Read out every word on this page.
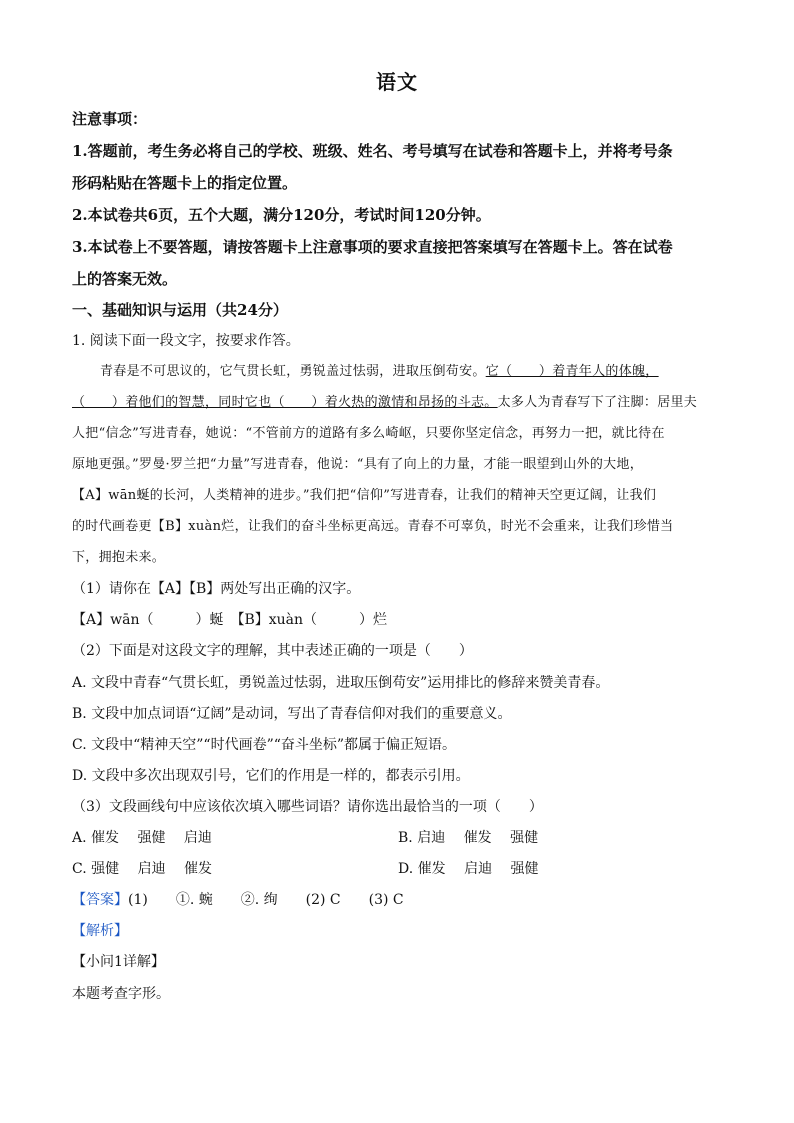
语文
注意事项：
1.答题前，考生务必将自己的学校、班级、姓名、考号填写在试卷和答题卡上，并将考号条
形码粘贴在答题卡上的指定位置。
2.本试卷共6页，五个大题，满分120分，考试时间120分钟。
3.本试卷上不要答题，请按答题卡上注意事项的要求直接把答案填写在答题卡上。答在试卷
上的答案无效。
一、基础知识与运用（共24分）
1. 阅读下面一段文字，按要求作答。
青春是不可思议的，它气贯长虹，勇锐盖过怯弱，进取压倒苟安。它（　　）着青年人的体魄，
（　　）着他们的智慧，同时它也（　　）着火热的激情和昂扬的斗志。太多人为青春写下了注脚：居里夫
人把“信念”写进青春，她说：“不管前方的道路有多么崎岖，只要你坚定信念，再努力一把，就比待在
原地更强。”罗曼·罗兰把“力量”写进青春，他说：“具有了向上的力量，才能一眼望到山外的大地，
【A】wān蜒的长河，人类精神的进步。”我们把“信仰”写进青春，让我们的精神天空更辽阔，让我们
的时代画卷更【B】xuàn烂，让我们的奋斗坐标更高远。青春不可辜负，时光不会重来，让我们珍惜当
下，拥抱未来。
（1）请你在【A】【B】两处写出正确的汉字。
【A】wān（　　　）蜒　【B】xuàn（　　　）烂
（2）下面是对这段文字的理解，其中表述正确的一项是（　　）
A. 文段中青春“气贯长虹，勇锐盖过怯弱，进取压倒苟安”运用排比的修辞来赞美青春。
B. 文段中加点词语“辽阔”是动词，写出了青春信仰对我们的重要意义。
C. 文段中“精神天空”“时代画卷”“奋斗坐标”都属于偏正短语。
D. 文段中多次出现双引号，它们的作用是一样的，都表示引用。
（3）文段画线句中应该依次填入哪些词语？请你选出最恰当的一项（　　）
A. 催发　 强健　 启迪	B. 启迪　 催发　 强健
C. 强健　 启迪　 催发	D. 催发　 启迪　 强健
【答案】(1)　　①. 蜿　　②. 绚　　(2) C　　(3) C
【解析】
【小问1详解】
本题考查字形。
